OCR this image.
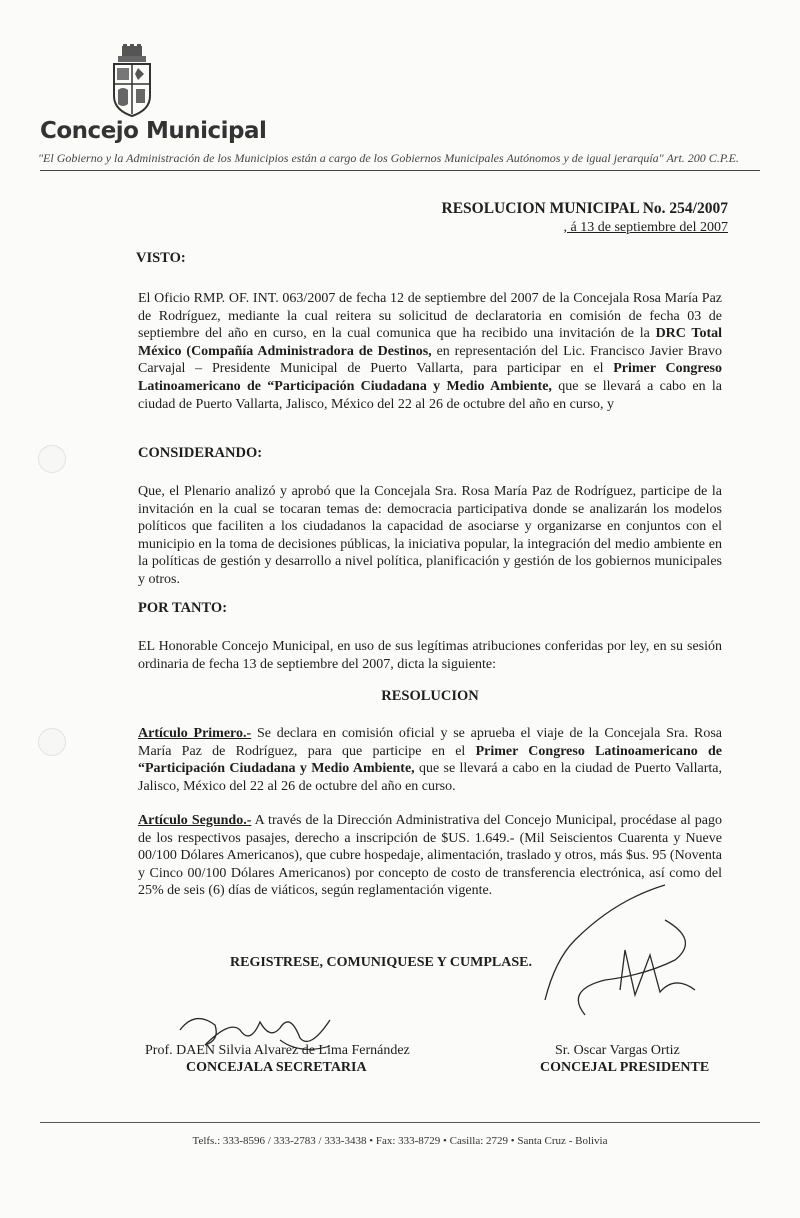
Concejo Municipal
"El Gobierno y la Administración de los Municipios están a cargo de los Gobiernos Municipales Autónomos y de igual jerarquía" Art. 200 C.P.E.
RESOLUCION MUNICIPAL No. 254/2007
, á 13 de septiembre del 2007
VISTO:
El Oficio RMP. OF. INT. 063/2007 de fecha 12 de septiembre del 2007 de la Concejala Rosa María Paz de Rodríguez, mediante la cual reitera su solicitud de declaratoria en comisión de fecha 03 de septiembre del año en curso, en la cual comunica que ha recibido una invitación de la DRC Total México (Compañía Administradora de Destinos, en representación del Lic. Francisco Javier Bravo Carvajal – Presidente Municipal de Puerto Vallarta, para participar en el Primer Congreso Latinoamericano de “Participación Ciudadana y Medio Ambiente, que se llevará a cabo en la ciudad de Puerto Vallarta, Jalisco, México del 22 al 26 de octubre del año en curso, y
CONSIDERANDO:
Que, el Plenario analizó y aprobó que la Concejala Sra. Rosa María Paz de Rodríguez, participe de la invitación en la cual se tocaran temas de: democracia participativa donde se analizarán los modelos políticos que faciliten a los ciudadanos la capacidad de asociarse y organizarse en conjuntos con el municipio en la toma de decisiones públicas, la iniciativa popular, la integración del medio ambiente en la políticas de gestión y desarrollo a nivel política, planificación y gestión de los gobiernos municipales y otros.
POR TANTO:
EL Honorable Concejo Municipal, en uso de sus legítimas atribuciones conferidas por ley, en su sesión ordinaria de fecha 13 de septiembre del 2007, dicta la siguiente:
RESOLUCION
Artículo Primero.- Se declara en comisión oficial y se aprueba el viaje de la Concejala Sra. Rosa María Paz de Rodríguez, para que participe en el Primer Congreso Latinoamericano de “Participación Ciudadana y Medio Ambiente, que se llevará a cabo en la ciudad de Puerto Vallarta, Jalisco, México del 22 al 26 de octubre del año en curso.
Artículo Segundo.- A través de la Dirección Administrativa del Concejo Municipal, procédase al pago de los respectivos pasajes, derecho a inscripción de $US. 1.649.- (Mil Seiscientos Cuarenta y Nueve 00/100 Dólares Americanos), que cubre hospedaje, alimentación, traslado y otros, más $us. 95 (Noventa y Cinco 00/100 Dólares Americanos) por concepto de costo de transferencia electrónica, así como del 25% de seis (6) días de viáticos, según reglamentación vigente.
REGISTRESE, COMUNIQUESE Y CUMPLASE.
Prof. DAEN Silvia Alvarez de Lima Fernández
CONCEJALA SECRETARIA
Sr. Oscar Vargas Ortiz
CONCEJAL PRESIDENTE
Telfs.: 333-8596 / 333-2783 / 333-3438 • Fax: 333-8729 • Casilla: 2729 • Santa Cruz - Bolivia
